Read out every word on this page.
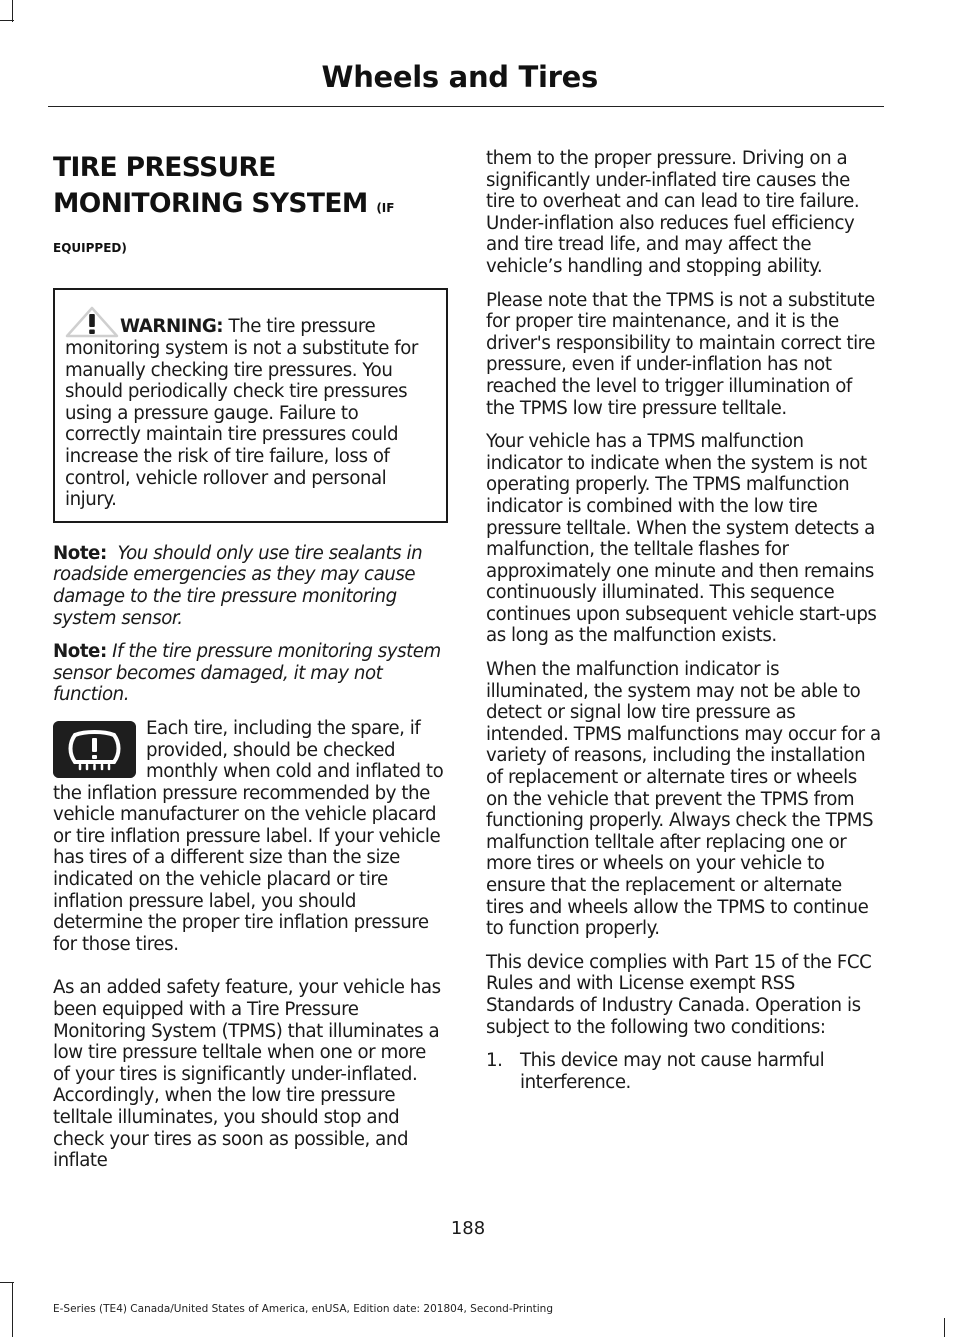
Wheels and Tires
TIRE PRESSURE MONITORING SYSTEM (IF EQUIPPED)

WARNING: The tire pressure monitoring system is not a substitute for manually checking tire pressures. You should periodically check tire pressures using a pressure gauge. Failure to correctly maintain tire pressures could increase the risk of tire failure, loss of control, vehicle rollover and personal injury.

Note: You should only use tire sealants in roadside emergencies as they may cause damage to the tire pressure monitoring system sensor.

Note: If the tire pressure monitoring system sensor becomes damaged, it may not function.

Each tire, including the spare, if provided, should be checked monthly when cold and inflated to the inflation pressure recommended by the vehicle manufacturer on the vehicle placard or tire inflation pressure label. If your vehicle has tires of a different size than the size indicated on the vehicle placard or tire inflation pressure label, you should determine the proper tire inflation pressure for those tires.

As an added safety feature, your vehicle has been equipped with a Tire Pressure Monitoring System (TPMS) that illuminates a low tire pressure telltale when one or more of your tires is significantly under-inflated. Accordingly, when the low tire pressure telltale illuminates, you should stop and check your tires as soon as possible, and inflate

them to the proper pressure. Driving on a significantly under-inflated tire causes the tire to overheat and can lead to tire failure. Under-inflation also reduces fuel efficiency and tire tread life, and may affect the vehicle’s handling and stopping ability.

Please note that the TPMS is not a substitute for proper tire maintenance, and it is the driver's responsibility to maintain correct tire pressure, even if under-inflation has not reached the level to trigger illumination of the TPMS low tire pressure telltale.

Your vehicle has a TPMS malfunction indicator to indicate when the system is not operating properly. The TPMS malfunction indicator is combined with the low tire pressure telltale. When the system detects a malfunction, the telltale flashes for approximately one minute and then remains continuously illuminated. This sequence continues upon subsequent vehicle start-ups as long as the malfunction exists.

When the malfunction indicator is illuminated, the system may not be able to detect or signal low tire pressure as intended. TPMS malfunctions may occur for a variety of reasons, including the installation of replacement or alternate tires or wheels on the vehicle that prevent the TPMS from functioning properly. Always check the TPMS malfunction telltale after replacing one or more tires or wheels on your vehicle to ensure that the replacement or alternate tires and wheels allow the TPMS to continue to function properly.

This device complies with Part 15 of the FCC Rules and with License exempt RSS Standards of Industry Canada. Operation is subject to the following two conditions:

1. This device may not cause harmful interference.
188
E-Series (TE4) Canada/United States of America, enUSA, Edition date: 201804, Second-Printing
